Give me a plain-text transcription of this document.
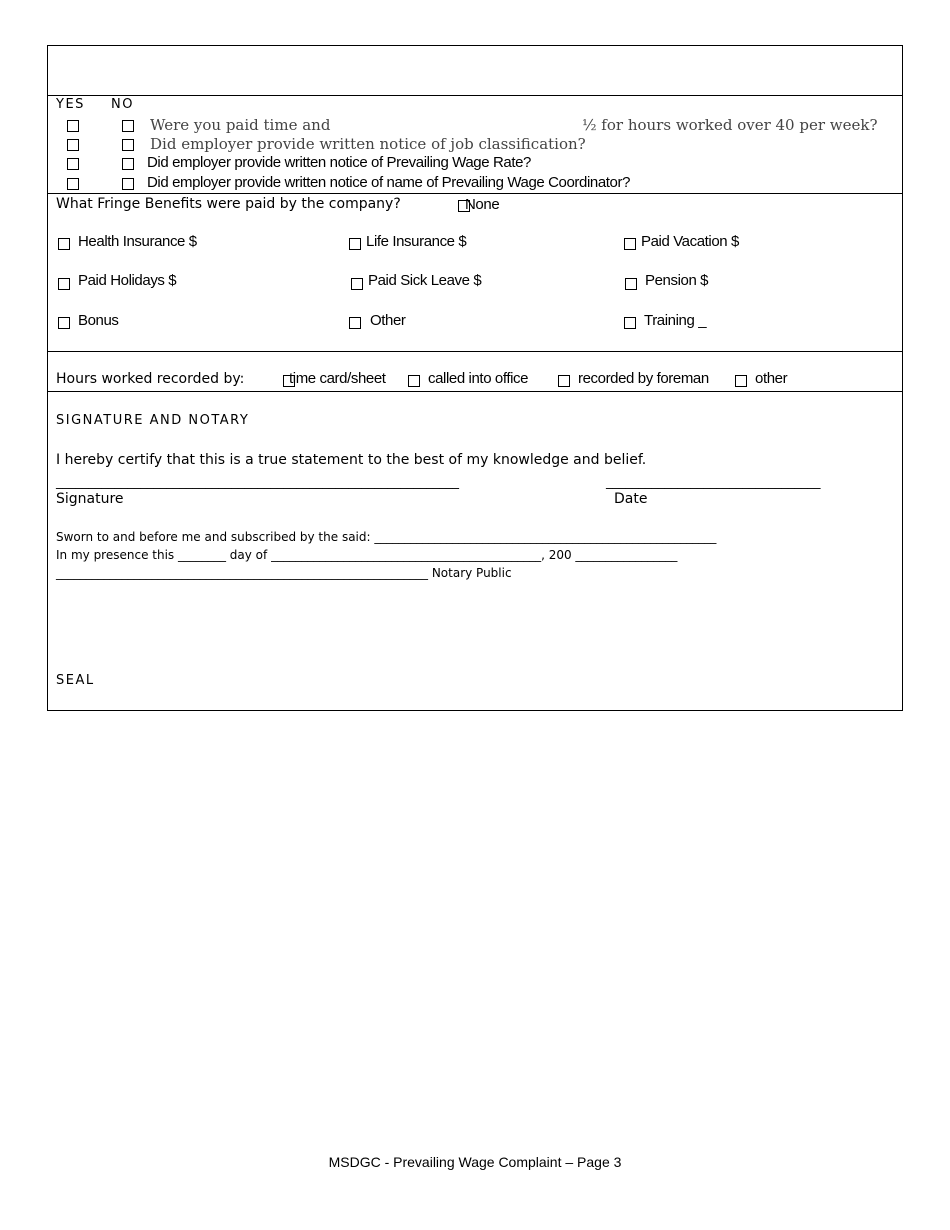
YES NO
Were you paid time and	½ for hours worked over 40 per week?
Did employer provide written notice of job classification?
Did employer provide written notice of Prevailing Wage Rate?
Did employer provide written notice of name of Prevailing Wage Coordinator?
What Fringe Benefits were paid by the company?	None
Health Insurance $	Life Insurance $	Paid Vacation $
Paid Holidays $	Paid Sick Leave $	Pension $
Bonus	Other	Training _
Hours worked recorded by:	time card/sheet	called into office	recorded by foreman	other
SIGNATURE AND NOTARY
I hereby certify that this is a true statement to the best of my knowledge and belief.
______________________________________________________________	_________________________________
Signature	Date
Sworn to and before me and subscribed by the said: _________________________________________________________
In my presence this ________ day of _____________________________________________, 200 _________________
______________________________________________________________ Notary Public
SEAL
MSDGC - Prevailing Wage Complaint – Page 3
